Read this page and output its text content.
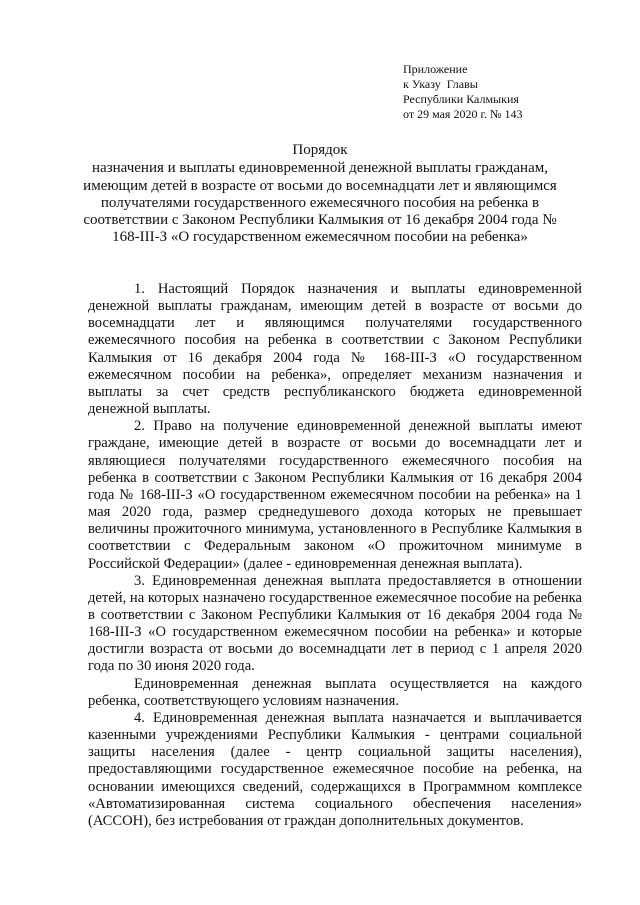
Приложение
к Указу  Главы
Республики Калмыкия
от 29 мая 2020 г. № 143
Порядок
назначения и выплаты единовременной денежной выплаты гражданам, имеющим детей в возрасте от восьми до восемнадцати лет и являющимся получателями государственного ежемесячного пособия на ребенка в соответствии с Законом Республики Калмыкия от 16 декабря 2004 года № 168-III-З «О государственном ежемесячном пособии на ребенка»

1. Настоящий Порядок назначения и выплаты единовременной денежной выплаты гражданам, имеющим детей в возрасте от восьми до восемнадцати лет и являющимся получателями государственного ежемесячного пособия на ребенка в соответствии с Законом Республики Калмыкия от 16 декабря 2004 года № 168-III-З «О государственном ежемесячном пособии на ребенка», определяет механизм назначения и выплаты за счет средств республиканского бюджета единовременной денежной выплаты.

2. Право на получение единовременной денежной выплаты имеют граждане, имеющие детей в возрасте от восьми до восемнадцати лет и являющиеся получателями государственного ежемесячного пособия на ребенка в соответствии с Законом Республики Калмыкия от 16 декабря 2004 года № 168-III-З «О государственном ежемесячном пособии на ребенка» на 1 мая 2020 года, размер среднедушевого дохода которых не превышает величины прожиточного минимума, установленного в Республике Калмыкия в соответствии с Федеральным законом «О прожиточном минимуме в Российской Федерации» (далее - единовременная денежная выплата).

3. Единовременная денежная выплата предоставляется в отношении детей, на которых назначено государственное ежемесячное пособие на ребенка в соответствии с Законом Республики Калмыкия от 16 декабря 2004 года № 168-III-З «О государственном ежемесячном пособии на ребенка» и которые достигли возраста от восьми до восемнадцати лет в период с 1 апреля 2020 года по 30 июня 2020 года.

Единовременная денежная выплата осуществляется на каждого ребенка, соответствующего условиям назначения.

4. Единовременная денежная выплата назначается и выплачивается казенными учреждениями Республики Калмыкия - центрами социальной защиты населения (далее - центр социальной защиты населения), предоставляющими государственное ежемесячное пособие на ребенка, на основании имеющихся сведений, содержащихся в Программном комплексе «Автоматизированная система социального обеспечения населения» (АССОН), без истребования от граждан дополнительных документов.
